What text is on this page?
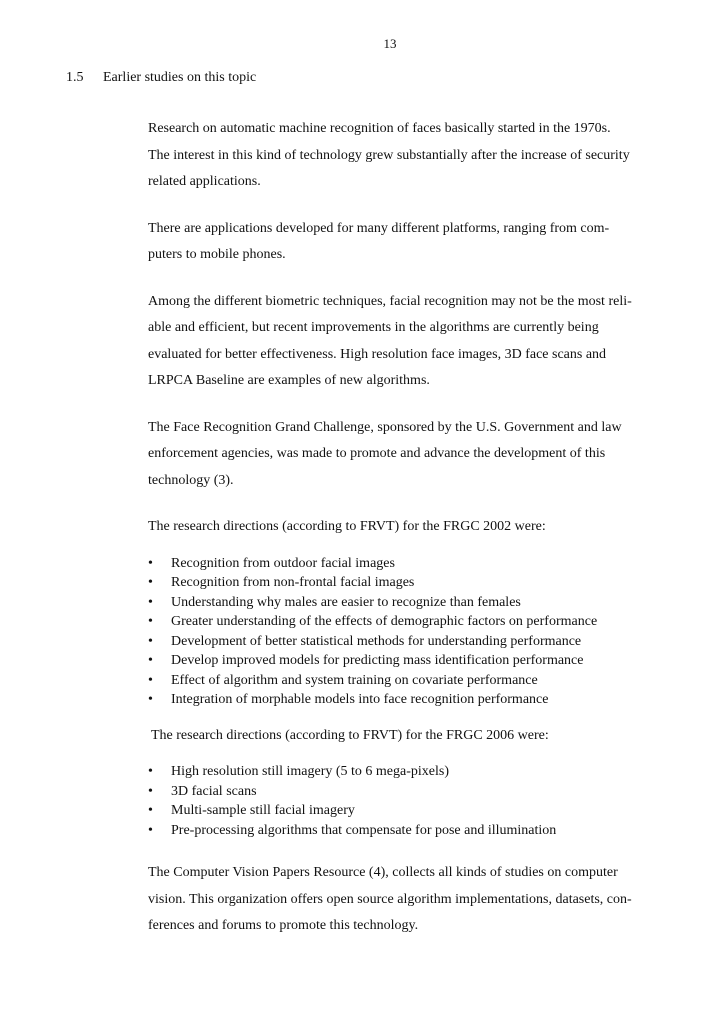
13
1.5 Earlier studies on this topic

Research on automatic machine recognition of faces basically started in the 1970s.
The interest in this kind of technology grew substantially after the increase of security
related applications.

There are applications developed for many different platforms, ranging from com-
puters to mobile phones.

Among the different biometric techniques, facial recognition may not be the most reli-
able and efficient, but recent improvements in the algorithms are currently being
evaluated for better effectiveness. High resolution face images, 3D face scans and
LRPCA Baseline are examples of new algorithms.

The Face Recognition Grand Challenge, sponsored by the U.S. Government and law
enforcement agencies, was made to promote and advance the development of this
technology (3).

The research directions (according to FRVT) for the FRGC 2002 were:

• Recognition from outdoor facial images
• Recognition from non-frontal facial images
• Understanding why males are easier to recognize than females
• Greater understanding of the effects of demographic factors on performance
• Development of better statistical methods for understanding performance
• Develop improved models for predicting mass identification performance
• Effect of algorithm and system training on covariate performance
• Integration of morphable models into face recognition performance

The research directions (according to FRVT) for the FRGC 2006 were:

• High resolution still imagery (5 to 6 mega-pixels)
• 3D facial scans
• Multi-sample still facial imagery
• Pre-processing algorithms that compensate for pose and illumination

The Computer Vision Papers Resource (4), collects all kinds of studies on computer
vision. This organization offers open source algorithm implementations, datasets, con-
ferences and forums to promote this technology.
